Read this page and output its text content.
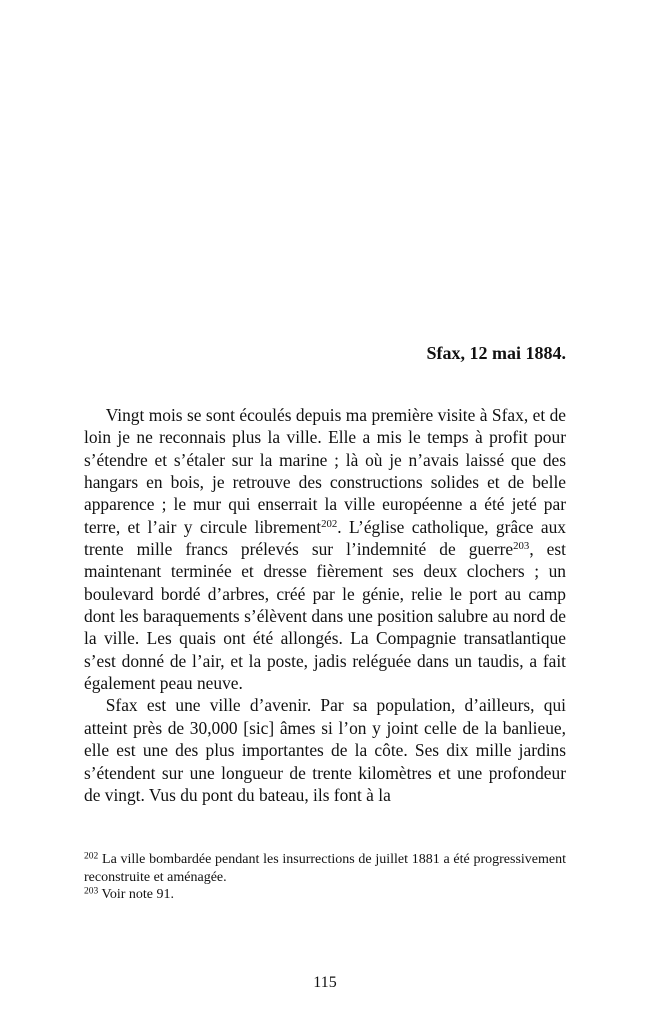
Sfax, 12 mai 1884.

Vingt mois se sont écoulés depuis ma première visite à Sfax, et de loin je ne reconnais plus la ville. Elle a mis le temps à profit pour s’étendre et s’étaler sur la marine ; là où je n’avais laissé que des hangars en bois, je retrouve des constructions solides et de belle apparence ; le mur qui enserrait la ville européenne a été jeté par terre, et l’air y circule librement$^{202}$. L’église catholique, grâce aux trente mille francs prélevés sur l’indemnité de guerre$^{203}$, est maintenant terminée et dresse fièrement ses deux clochers ; un boulevard bordé d’arbres, créé par le génie, relie le port au camp dont les baraquements s’élèvent dans une position salubre au nord de la ville. Les quais ont été allongés. La Compagnie transatlantique s’est donné de l’air, et la poste, jadis reléguée dans un taudis, a fait également peau neuve.

Sfax est une ville d’avenir. Par sa population, d’ailleurs, qui atteint près de 30,000 [sic] âmes si l’on y joint celle de la banlieue, elle est une des plus importantes de la côte. Ses dix mille jardins s’étendent sur une longueur de trente kilomètres et une profondeur de vingt. Vus du pont du bateau, ils font à la

$^{202}$ La ville bombardée pendant les insurrections de juillet 1881 a été progressivement reconstruite et aménagée.

$^{203}$ Voir note 91.

115
